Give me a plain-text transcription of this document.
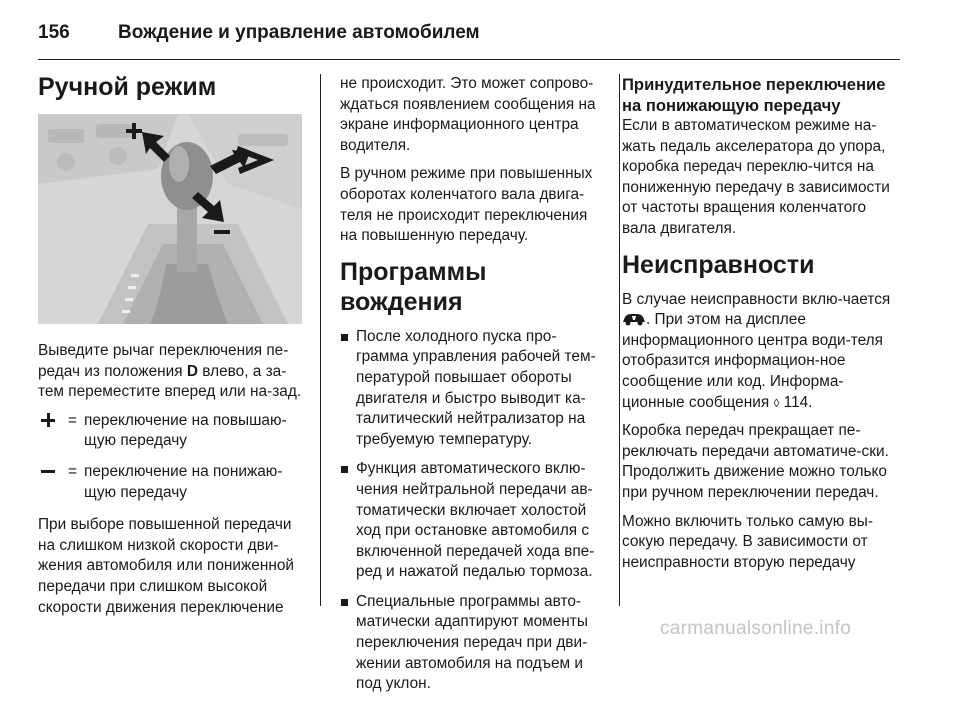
156	Вождение и управление автомобилем
Ручной режим

Выведите рычаг переключения пе-редач из положения D влево, а за-тем переместите вперед или на-зад.

= переключение на повышаю-щую передачу
= переключение на понижаю-щую передачу

При выборе повышенной передачи на слишком низкой скорости дви-жения автомобиля или пониженной передачи при слишком высокой скорости движения переключение

не происходит. Это может сопрово-ждаться появлением сообщения на экране информационного центра водителя.

В ручном режиме при повышенных оборотах коленчатого вала двига-теля не происходит переключения на повышенную передачу.

Программы вождения
После холодного пуска про-грамма управления рабочей тем-пературой повышает обороты двигателя и быстро выводит ка-талитический нейтрализатор на требуемую температуру.
Функция автоматического вклю-чения нейтральной передачи ав-томатически включает холостой ход при остановке автомобиля с включенной передачей хода впе-ред и нажатой педалью тормоза.
Специальные программы авто-матически адаптируют моменты переключения передач при дви-жении автомобиля на подъем и под уклон.
Принудительное переключение на понижающую передачу

Если в автоматическом режиме на-жать педаль акселератора до упора, коробка передач переклю-чится на пониженную передачу в зависимости от частоты вращения коленчатого вала двигателя.

Неисправности

В случае неисправности вклю-чается . При этом на дисплее информационного центра води-теля отобразится информацион-ное сообщение или код. Информа-ционные сообщения ◊ 114.

Коробка передач прекращает пе-реключать передачи автоматиче-ски. Продолжить движение можно только при ручном переключении передач.

Можно включить только самую вы-сокую передачу. В зависимости от неисправности вторую передачу

carmanualsonline.info
